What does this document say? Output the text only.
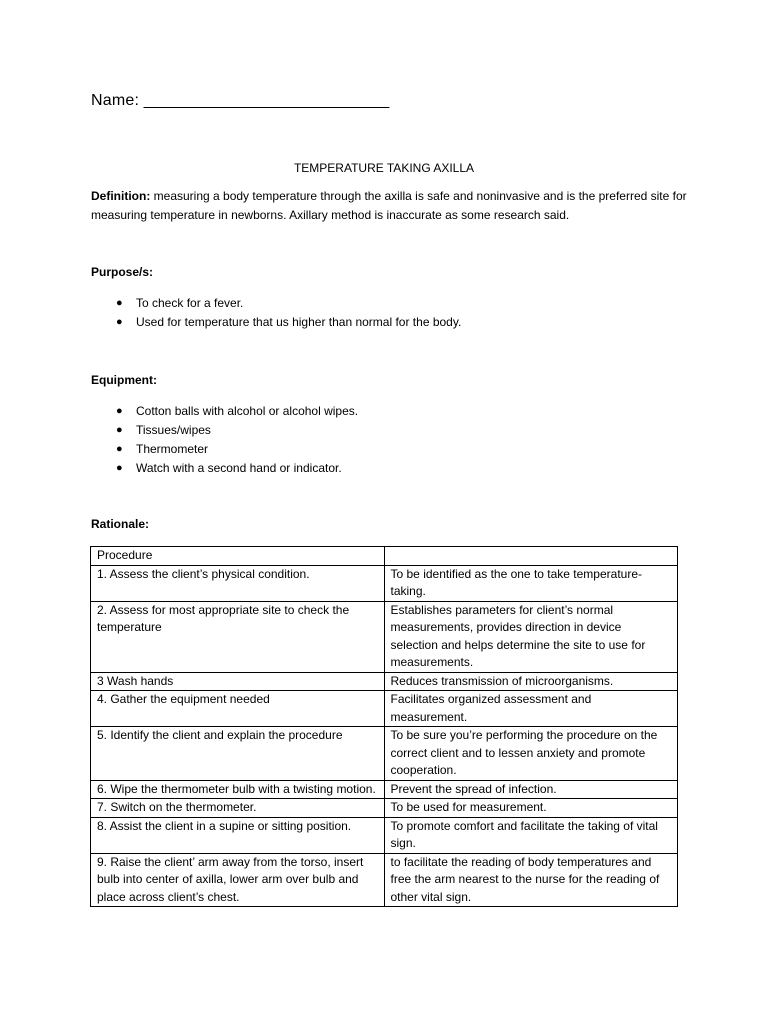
Name: ___________________________
TEMPERATURE TAKING AXILLA
Definition: measuring a body temperature through the axilla is safe and noninvasive and is the preferred site for measuring temperature in newborns. Axillary method is inaccurate as some research said.
Purpose/s:
● To check for a fever.
● Used for temperature that us higher than normal for the body.
Equipment:
● Cotton balls with alcohol or alcohol wipes.
● Tissues/wipes
● Thermometer
● Watch with a second hand or indicator.
Rationale:
Procedure	
1. Assess the client’s physical condition.	To be identified as the one to take temperature-taking.
2. Assess for most appropriate site to check the temperature	Establishes parameters for client’s normal measurements, provides direction in device selection and helps determine the site to use for measurements.
3 Wash hands	Reduces transmission of microorganisms.
4. Gather the equipment needed	Facilitates organized assessment and measurement.
5. Identify the client and explain the procedure	To be sure you’re performing the procedure on the correct client and to lessen anxiety and promote cooperation.
6. Wipe the thermometer bulb with a twisting motion.	Prevent the spread of infection.
7. Switch on the thermometer.	To be used for measurement.
8. Assist the client in a supine or sitting position.	To promote comfort and facilitate the taking of vital sign.
9. Raise the client’ arm away from the torso, insert bulb into center of axilla, lower arm over bulb and place across client’s chest.	to facilitate the reading of body temperatures and free the arm nearest to the nurse for the reading of other vital sign.
